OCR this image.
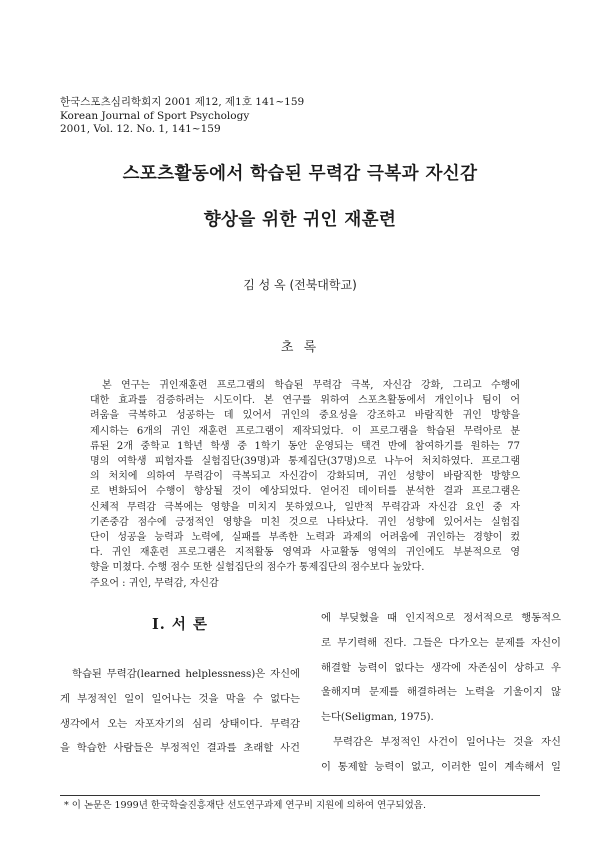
한국스포츠심리학회지 2001 제12, 제1호 141~159
Korean Journal of Sport Psychology
2001, Vol. 12. No. 1, 141~159
스포츠활동에서 학습된 무력감 극복과 자신감
향상을 위한 귀인 재훈련
김 성 옥 (전북대학교)
초 록
본 연구는 귀인재훈련 프로그램의 학습된 무력감 극복, 자신감 강화, 그리고 수행에
대한 효과를 검증하려는 시도이다. 본 연구를 위하여 스포츠활동에서 개인이나 팀이 어
려움을 극복하고 성공하는 데 있어서 귀인의 중요성을 강조하고 바람직한 귀인 방향을
제시하는 6개의 귀인 재훈련 프로그램이 제작되었다. 이 프로그램을 학습된 무력아로 분
류된 2개 중학교 1학년 학생 중 1학기 동안 운영되는 택견 반에 참여하기를 원하는 77
명의 여학생 피험자를 실험집단(39명)과 통제집단(37명)으로 나누어 처치하였다. 프로그램
의 처치에 의하여 무력감이 극복되고 자신감이 강화되며, 귀인 성향이 바람직한 방향으
로 변화되어 수행이 향상될 것이 예상되었다. 얻어진 데이터를 분석한 결과 프로그램은
신체적 무력감 극복에는 영향을 미치지 못하였으나, 일반적 무력감과 자신감 요인 중 자
기존중감 점수에 긍정적인 영향을 미친 것으로 나타났다. 귀인 성향에 있어서는 실험집
단이 성공을 능력과 노력에, 실패를 부족한 노력과 과제의 어려움에 귀인하는 경향이 컸
다. 귀인 재훈련 프로그램은 지적활동 영역과 사교활동 영역의 귀인에도 부분적으로 영
향을 미쳤다. 수행 점수 또한 실험집단의 점수가 통제집단의 점수보다 높았다.
주요어 : 귀인, 무력감, 자신감
Ⅰ. 서 론
학습된 무력감(learned helplessness)은 자신에
게 부정적인 일이 일어나는 것을 막을 수 없다는
생각에서 오는 자포자기의 심리 상태이다. 무력감
을 학습한 사람들은 부정적인 결과를 초래할 사건
에 부딪혔을 때 인지적으로 정서적으로 행동적으
로 무기력해 진다. 그들은 다가오는 문제를 자신이
해결할 능력이 없다는 생각에 자존심이 상하고 우
울해지며 문제를 해결하려는 노력을 기울이지 않
는다(Seligman, 1975).
무력감은 부정적인 사건이 일어나는 것을 자신
이 통제할 능력이 없고, 이러한 일이 계속해서 일
* 이 논문은 1999년 한국학술진흥재단 선도연구과제 연구비 지원에 의하여 연구되었음.
